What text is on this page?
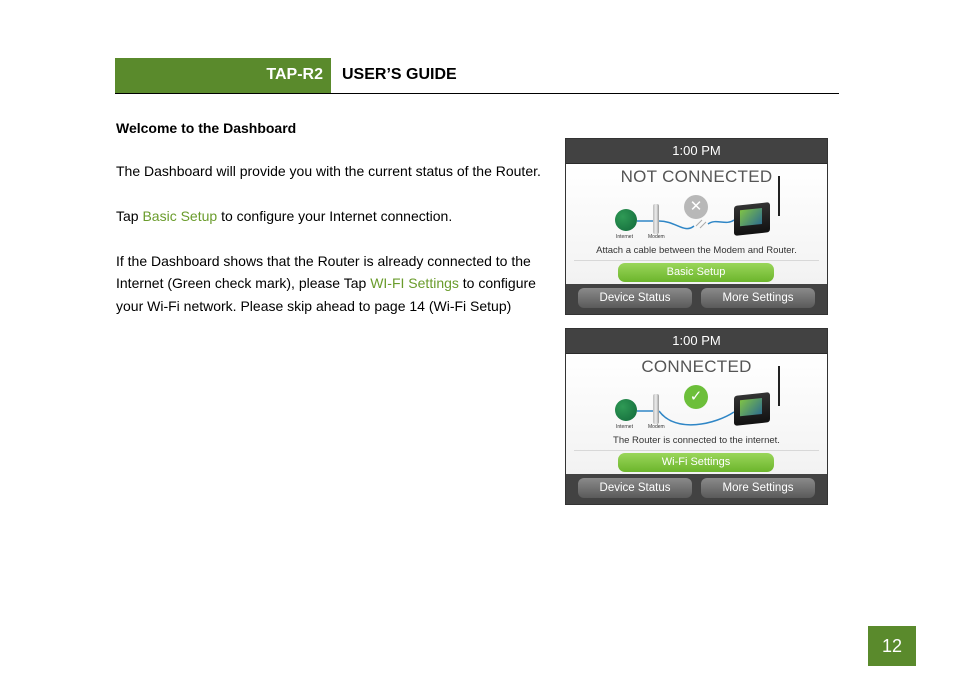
TAP-R2 USER’S GUIDE

Welcome to the Dashboard

The Dashboard will provide you with the current status of the Router.

Tap Basic Setup to configure your Internet connection.

If the Dashboard shows that the Router is already connected to the Internet (Green check mark), please Tap WI-FI Settings to configure your Wi-Fi network. Please skip ahead to page 14 (Wi-Fi Setup)

1:00 PM
NOT CONNECTED
Internet	Modem
✕
Attach a cable between the Modem and Router.
Basic Setup
Device Status	More Settings
1:00 PM
CONNECTED
Internet	Modem
✓
The Router is connected to the internet.
Wi-Fi Settings
Device Status	More Settings
12
